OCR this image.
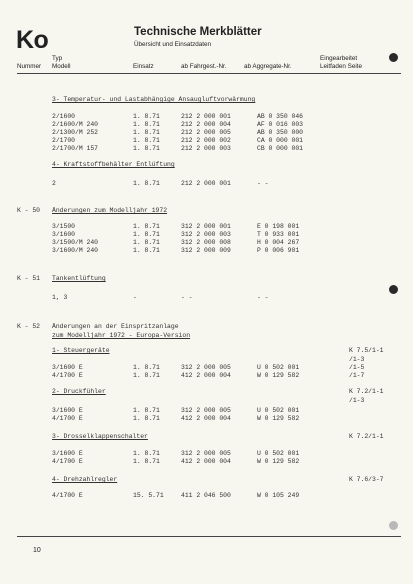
Ko	Technische Merkblätter
Übersicht und Einsatzdaten
Typ
Nummer Modell	Einsatz	ab Fahrgest.-Nr.	ab Aggregate-Nr.
Eingearbeitet
Leitfaden Seite
3- Temperatur- und Lastabhängige Ansaugluftvorwärmung
2/1600	1. 8.71	212 2 000 001	AB 0 350 046
2/1600/M 240	1. 8.71	212 2 000 004	AF 0 016 003
2/1300/M 252	1. 8.71	212 2 000 005	AB 0 350 000
2/1700	1. 8.71	212 2 000 002	CA 0 000 001
2/1700/M 157	1. 8.71	212 2 000 003	CB 0 000 001
4- Kraftstoffbehälter Entlüftung
2	1. 8.71	212 2 000 001	- -
K - 50 Änderungen zum Modelljahr 1972
3/1500	1. 8.71	312 2 000 001	E 0 198 001
3/1600	1. 8.71	312 2 000 003	T 0 933 001
3/1500/M 240	1. 8.71	312 2 000 008	H 0 004 267
3/1600/M 240	1. 8.71	312 2 000 009	P 0 006 901
K - 51 Tankentlüftung
1, 3	-	- -	- -
K - 52 Änderungen an der Einspritzanlage
zum Modelljahr 1972 - Europa-Version
1- Steuergeräte	K 7.5/1-1
/1-3
3/1600 E	1. 8.71	312 2 000 005	U 0 502 001	/1-5
4/1700 E	1. 8.71	412 2 000 004	W 0 129 582	/1-7
2- Druckfühler	K 7.2/1-1
/1-3
3/1600 E	1. 8.71	312 2 000 005	U 0 502 001
4/1700 E	1. 8.71	412 2 000 004	W 0 129 582
3- Drosselklappenschalter	K 7.2/1-1
3/1600 E	1. 8.71	312 2 000 005	U 0 502 001
4/1700 E	1. 8.71	412 2 000 004	W 0 129 582
4- Drehzahlregler	K 7.6/3-7
4/1700 E	15. 5.71	411 2 046 500	W 0 105 249
10
